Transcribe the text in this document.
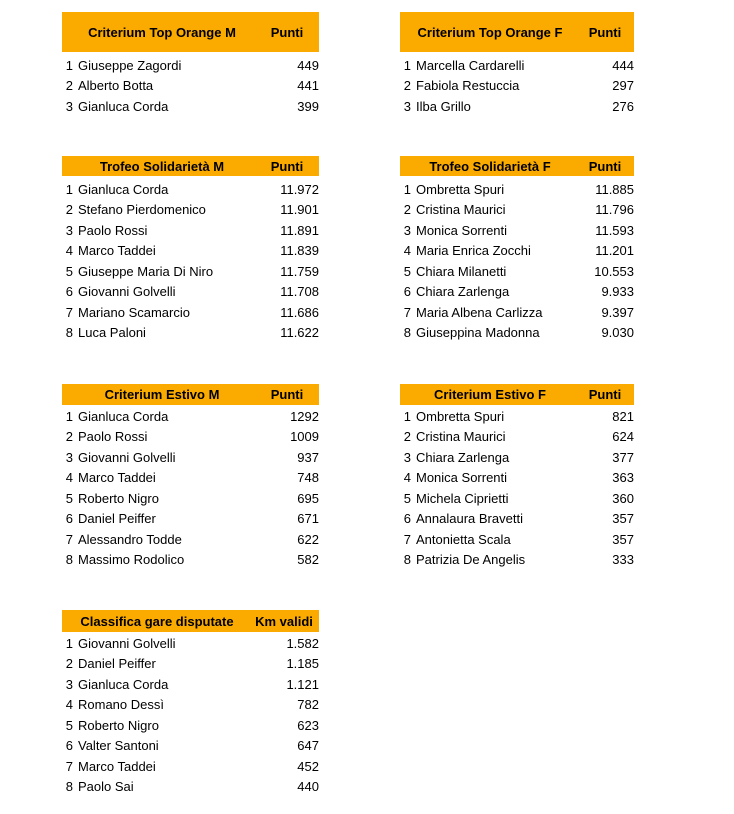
Criterium Top Orange M	Punti
1 Giuseppe Zagordi	449
2 Alberto Botta	441
3 Gianluca Corda	399
Criterium Top Orange F	Punti
1 Marcella Cardarelli	444
2 Fabiola Restuccia	297
3 Ilba Grillo	276
Trofeo Solidarietà M	Punti
1 Gianluca Corda	11.972
2 Stefano Pierdomenico	11.901
3 Paolo Rossi	11.891
4 Marco Taddei	11.839
5 Giuseppe Maria Di Niro	11.759
6 Giovanni Golvelli	11.708
7 Mariano Scamarcio	11.686
8 Luca Paloni	11.622
Trofeo Solidarietà F	Punti
1 Ombretta Spuri	11.885
2 Cristina Maurici	11.796
3 Monica Sorrenti	11.593
4 Maria Enrica Zocchi	11.201
5 Chiara Milanetti	10.553
6 Chiara Zarlenga	9.933
7 Maria Albena Carlizza	9.397
8 Giuseppina Madonna	9.030
Criterium Estivo M	Punti
1 Gianluca Corda	1292
2 Paolo Rossi	1009
3 Giovanni Golvelli	937
4 Marco Taddei	748
5 Roberto Nigro	695
6 Daniel Peiffer	671
7 Alessandro Todde	622
8 Massimo Rodolico	582
Criterium Estivo F	Punti
1 Ombretta Spuri	821
2 Cristina Maurici	624
3 Chiara Zarlenga	377
4 Monica Sorrenti	363
5 Michela Ciprietti	360
6 Annalaura Bravetti	357
7 Antonietta Scala	357
8 Patrizia De Angelis	333
Classifica gare disputate	Km validi
1 Giovanni Golvelli	1.582
2 Daniel Peiffer	1.185
3 Gianluca Corda	1.121
4 Romano Dessì	782
5 Roberto Nigro	623
6 Valter Santoni	647
7 Marco Taddei	452
8 Paolo Sai	440
